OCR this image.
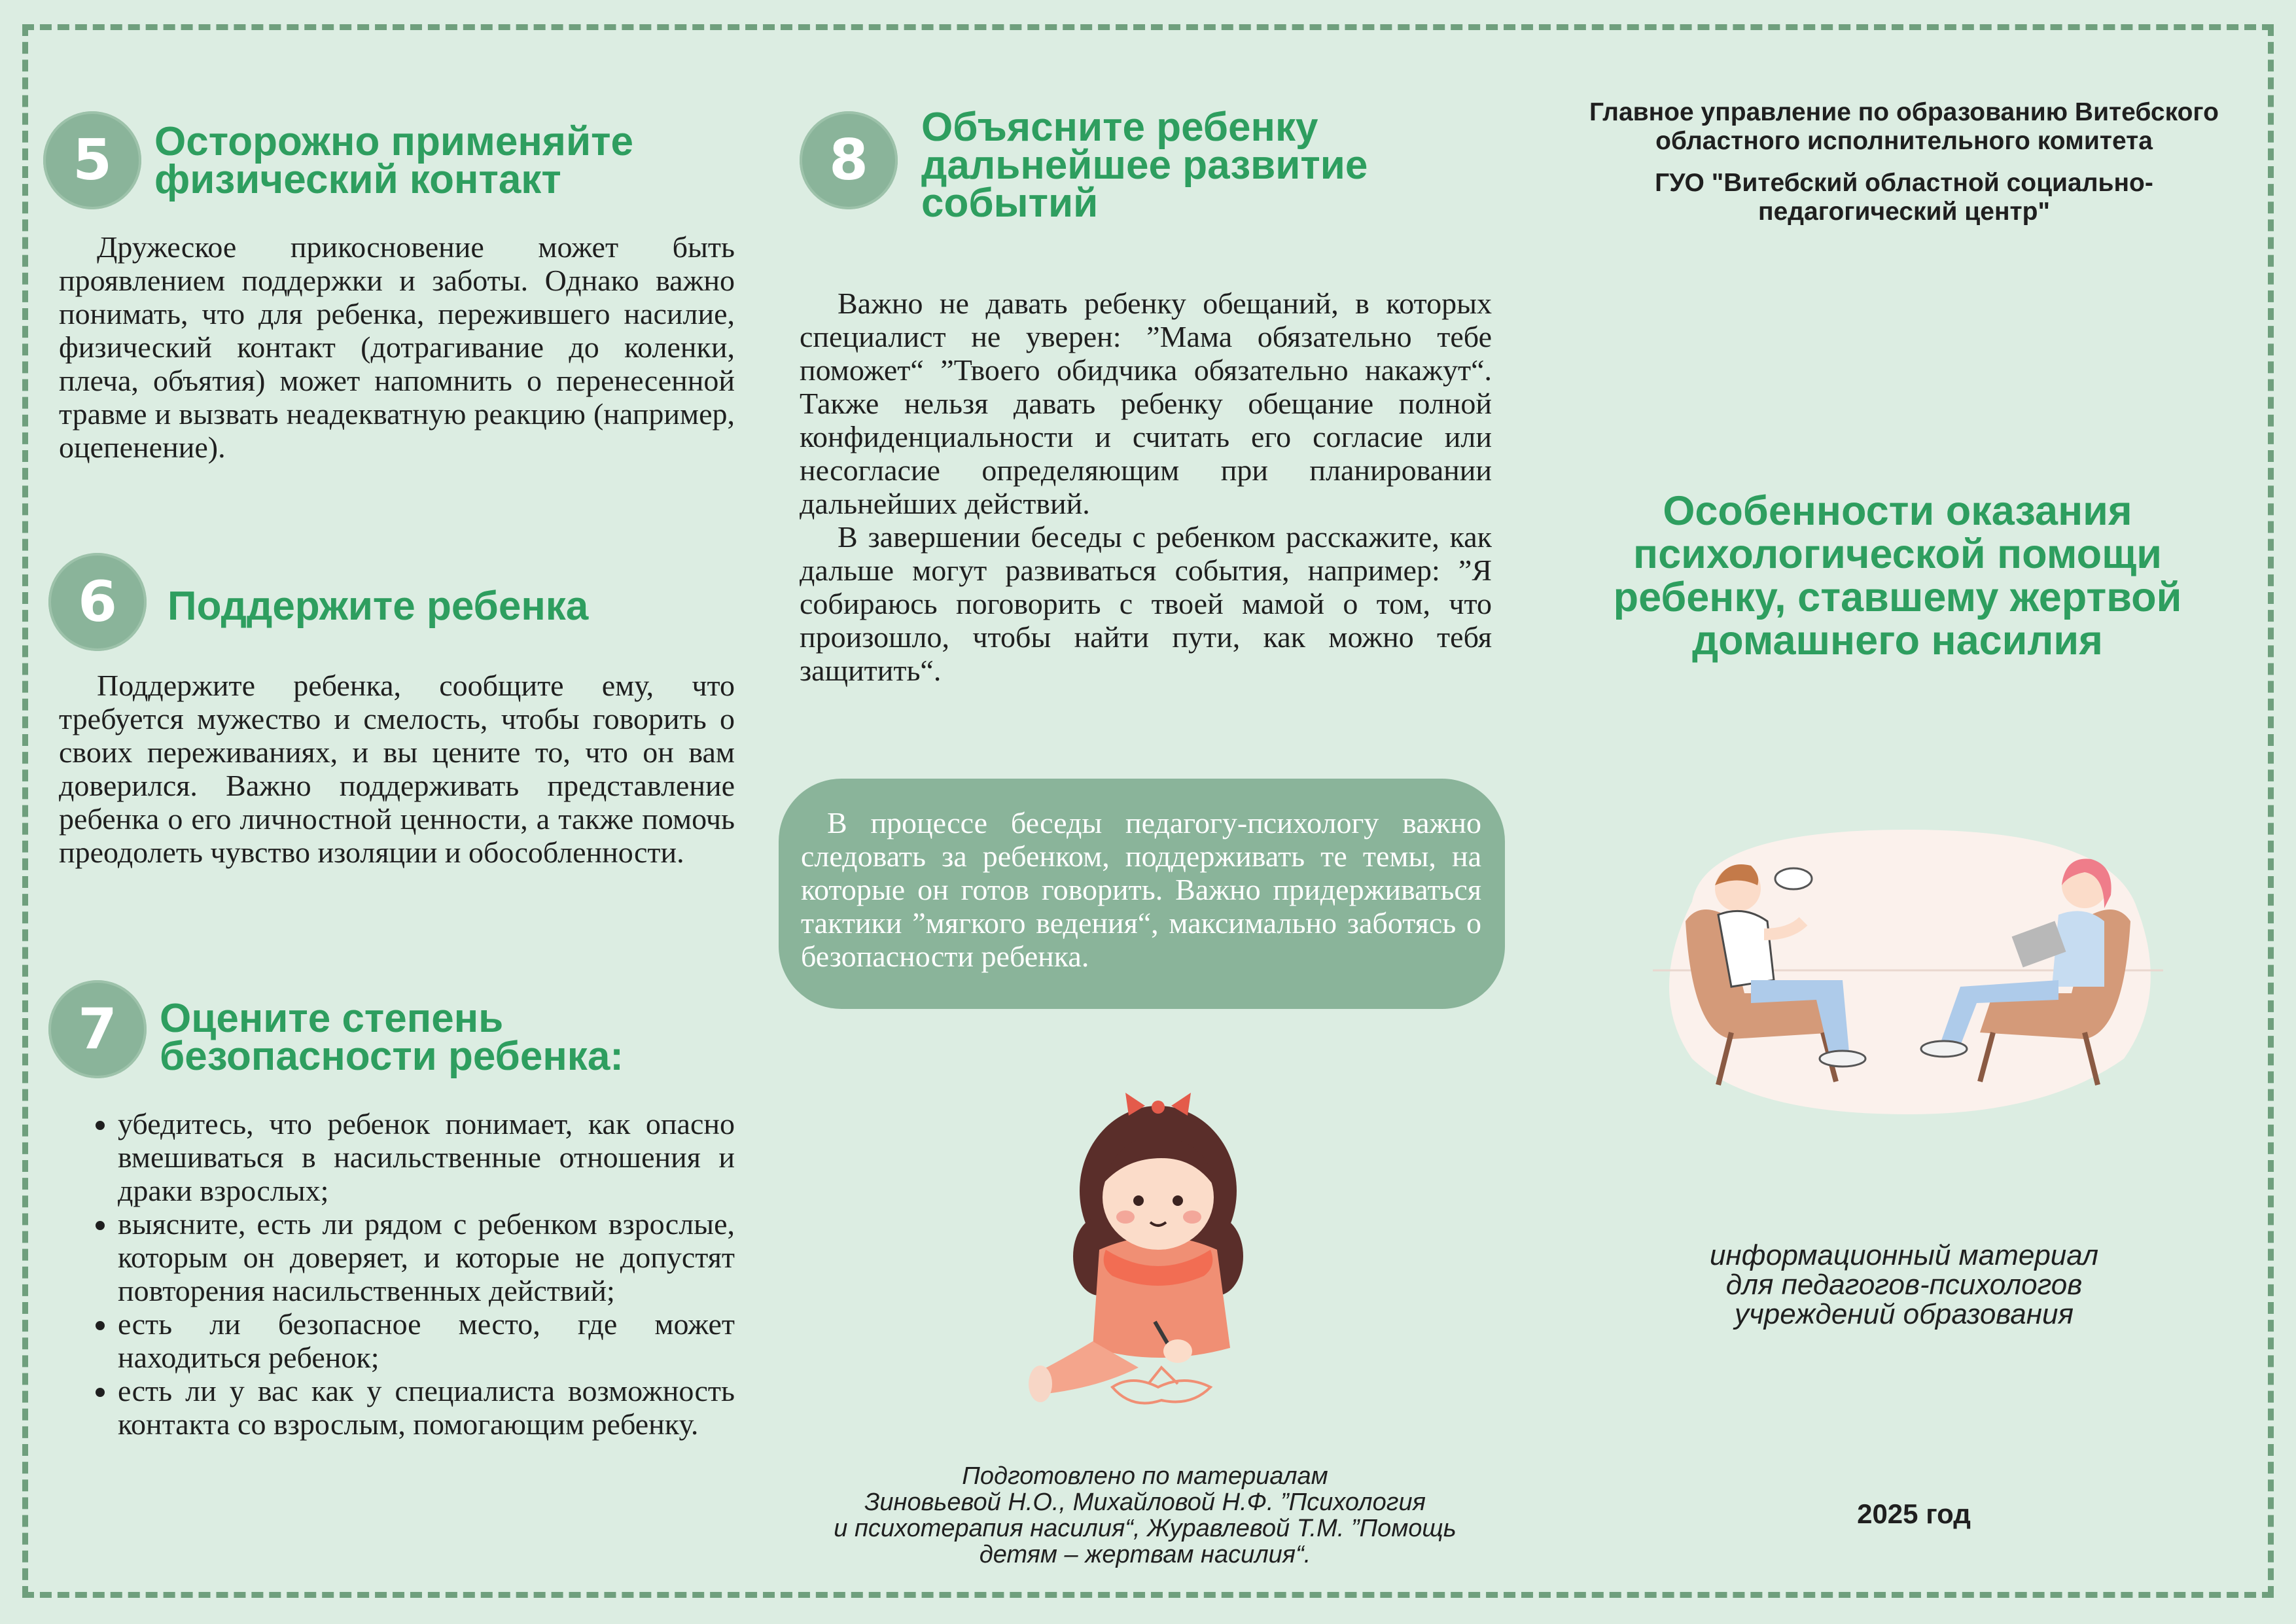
5 Осторожно применяйте
физический контакт

Дружеское прикосновение может быть проявлением поддержки и заботы. Однако важно понимать, что для ребенка, пережившего насилие, физический контакт (дотрагивание до коленки, плеча, объятия) может напомнить о перенесенной травме и вызвать неадекватную реакцию (например, оцепенение).

6 Поддержите ребенка

Поддержите ребенка, сообщите ему, что требуется мужество и смелость, чтобы говорить о своих переживаниях, и вы цените то, что он вам доверился. Важно поддерживать представление ребенка о его личностной ценности, а также помочь преодолеть чувство изоляции и обособленности.

7 Оцените степень
безопасности ребенка:
• убедитесь, что ребенок понимает, как опасно вмешиваться в насильственные отношения и драки взрослых;
• выясните, есть ли рядом с ребенком взрослые, которым он доверяет, и которые не допустят повторения насильственных действий;
• есть ли безопасное место, где может находиться ребенок;
• есть ли у вас как у специалиста возможность контакта со взрослым, помогающим ребенку.
8
Объясните ребенку
дальнейшее развитие
событий

Важно не давать ребенку обещаний, в которых специалист не уверен: ”Мама обязательно тебе поможет“ ”Твоего обидчика обязательно накажут“. Также нельзя давать ребенку обещание полной конфиденциальности и считать его согласие или несогласие определяющим при планировании дальнейших действий.

В завершении беседы с ребенком расскажите, как дальше могут развиваться события, например: ”Я собираюсь поговорить с твоей мамой о том, что произошло, чтобы найти пути, как можно тебя защитить“.

В процессе беседы педагогу-психологу важно следовать за ребенком, поддерживать те темы, на которые он готов говорить. Важно придерживаться тактики ”мягкого ведения“, максимально заботясь о безопасности ребенка.

Подготовлено по материалам
Зиновьевой Н.О., Михайловой Н.Ф. ”Психология
и психотерапия насилия“, Журавлевой Т.М. ”Помощь
детям – жертвам насилия“.
Главное управление по образованию Витебского
областного исполнительного комитета
ГУО "Витебский областной социально-
педагогический центр"
Особенности оказания
психологической помощи
ребенку, ставшему жертвой
домашнего насилия
информационный материал
для педагогов-психологов
учреждений образования
2025 год
